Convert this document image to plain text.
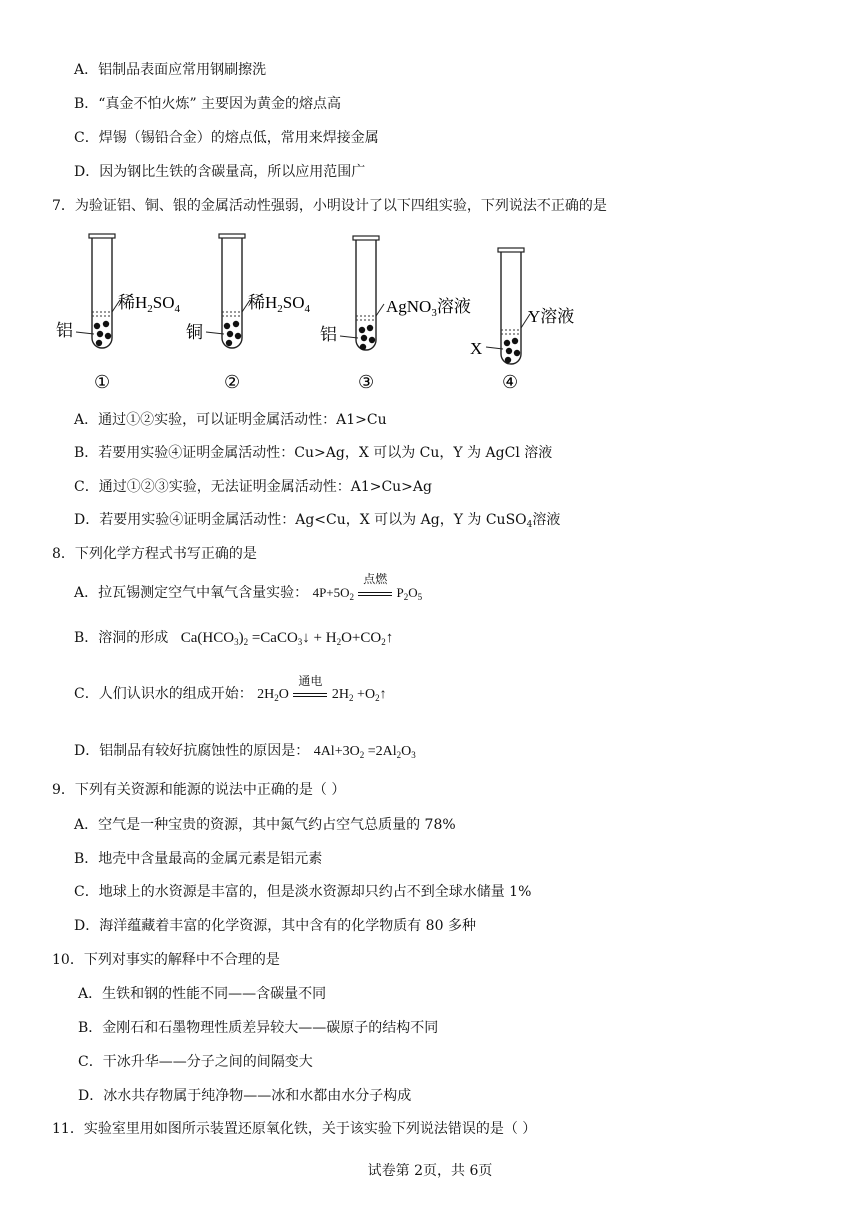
A．铝制品表面应常用钢刷擦洗
B．“真金不怕火炼” 主要因为黄金的熔点高
C．焊锡（锡铅合金）的熔点低，常用来焊接金属
D．因为钢比生铁的含碳量高，所以应用范围广
7．为验证铝、铜、银的金属活动性强弱，小明设计了以下四组实验，下列说法不正确的是
稀$H_2SO_4$
铝
①
稀$H_2SO_4$
铜
②
AgNO$_3$溶液
铝
③
Y溶液
X
④
A．通过①②实验，可以证明金属活动性：A1>Cu
B．若要用实验④证明金属活动性：Cu>Ag，X 可以为 Cu，Y 为 AgCl 溶液
C．通过①②③实验，无法证明金属活动性：A1>Cu>Ag
D．若要用实验④证明金属活动性：Ag<Cu，X 可以为 Ag，Y 为 CuSO$_4$溶液
8．下列化学方程式书写正确的是
A．拉瓦锡测定空气中氧气含量实验： $4P+5O_2$
点燃
$P_2O_5$
B．溶洞的形成 $Ca(HCO_3)_2$ =CaCO$_3$↓ + $H_2O+CO_2↑$
C．人们认识水的组成开始： $2H_2O$
通电
$2H_2$ $+O_2↑$
D．铝制品有较好抗腐蚀性的原因是： $4Al+3O_2 =2Al_2O_3$
9．下列有关资源和能源的说法中正确的是（ ）
A．空气是一种宝贵的资源，其中氮气约占空气总质量的 78%
B．地壳中含量最高的金属元素是铝元素
C．地球上的水资源是丰富的，但是淡水资源却只约占不到全球水储量 1%
D．海洋蕴藏着丰富的化学资源，其中含有的化学物质有 80 多种
10．下列对事实的解释中不合理的是
A．生铁和钢的性能不同——含碳量不同
B．金刚石和石墨物理性质差异较大——碳原子的结构不同
C．干冰升华——分子之间的间隔变大
D．冰水共存物属于纯净物——冰和水都由水分子构成
11．实验室里用如图所示装置还原氧化铁，关于该实验下列说法错误的是（ ）
试卷第 2页，共 6页
